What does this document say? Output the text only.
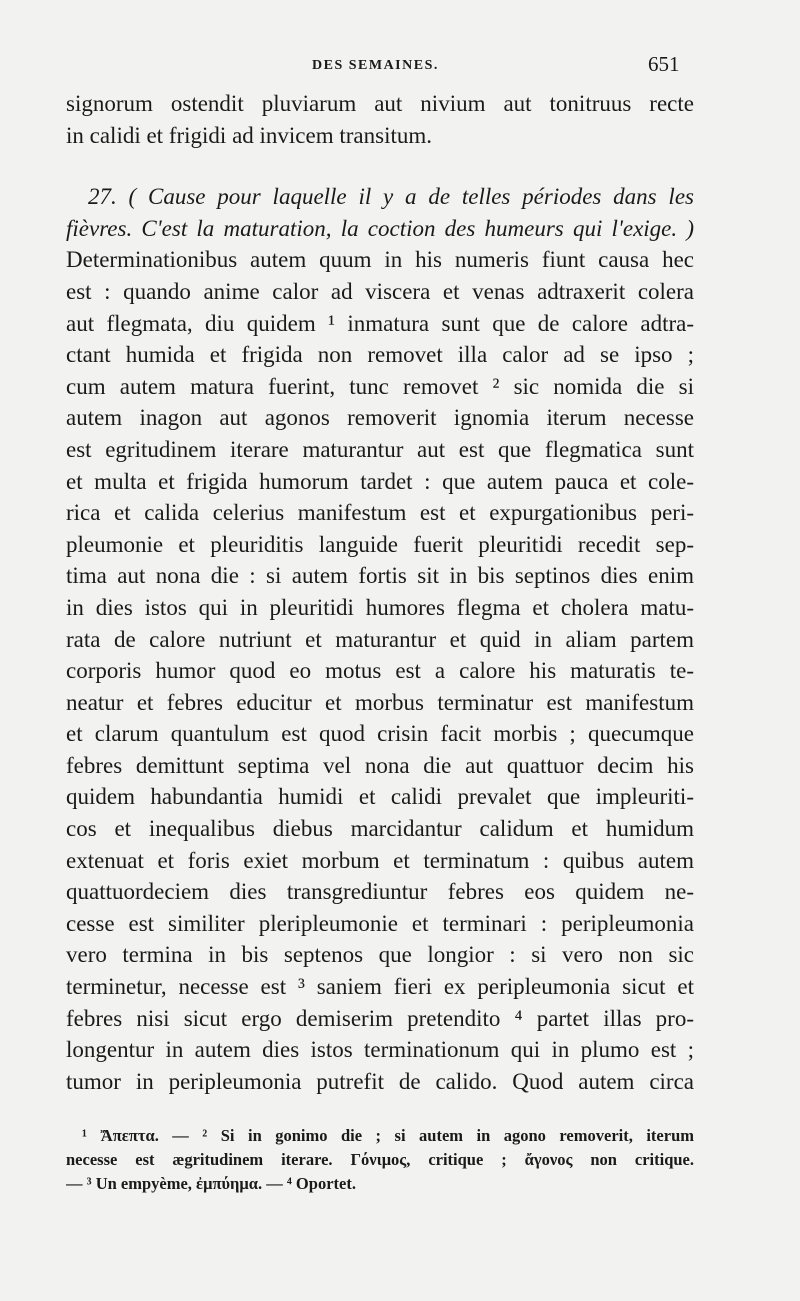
DES SEMAINES.	651
signorum ostendit pluviarum aut nivium aut tonitruus recte
in calidi et frigidi ad invicem transitum.
27. ( Cause pour laquelle il y a de telles périodes dans les
fièvres. C'est la maturation, la coction des humeurs qui l'exige. )
Determinationibus autem quum in his numeris fiunt causa hec
est : quando anime calor ad viscera et venas adtraxerit colera
aut flegmata, diu quidem ¹ inmatura sunt que de calore adtra-
ctant humida et frigida non removet illa calor ad se ipso ;
cum autem matura fuerint, tunc removet ² sic nomida die si
autem inagon aut agonos removerit ignomia iterum necesse
est egritudinem iterare maturantur aut est que flegmatica sunt
et multa et frigida humorum tardet : que autem pauca et cole-
rica et calida celerius manifestum est et expurgationibus peri-
pleumonie et pleuriditis languide fuerit pleuritidi recedit sep-
tima aut nona die : si autem fortis sit in bis septinos dies enim
in dies istos qui in pleuritidi humores flegma et cholera matu-
rata de calore nutriunt et maturantur et quid in aliam partem
corporis humor quod eo motus est a calore his maturatis te-
neatur et febres educitur et morbus terminatur est manifestum
et clarum quantulum est quod crisin facit morbis ; quecumque
febres demittunt septima vel nona die aut quattuor decim his
quidem habundantia humidi et calidi prevalet que impleuriti-
cos et inequalibus diebus marcidantur calidum et humidum
extenuat et foris exiet morbum et terminatum : quibus autem
quattuordeciem dies transgrediuntur febres eos quidem ne-
cesse est similiter pleripleumonie et terminari : peripleumonia
vero termina in bis septenos que longior : si vero non sic
terminetur, necesse est ³ saniem fieri ex peripleumonia sicut et
febres nisi sicut ergo demiserim pretendito ⁴ partet illas pro-
longentur in autem dies istos terminationum qui in plumo est ;
tumor in peripleumonia putrefit de calido. Quod autem circa
¹ Ἄπεπτα. — ² Si in gonimo die ; si autem in agono removerit, iterum
necesse est ægritudinem iterare. Γόνιμος, critique ; ἄγονος non critique.
— ³ Un empyème, ἐμπύημα. — ⁴ Oportet.
